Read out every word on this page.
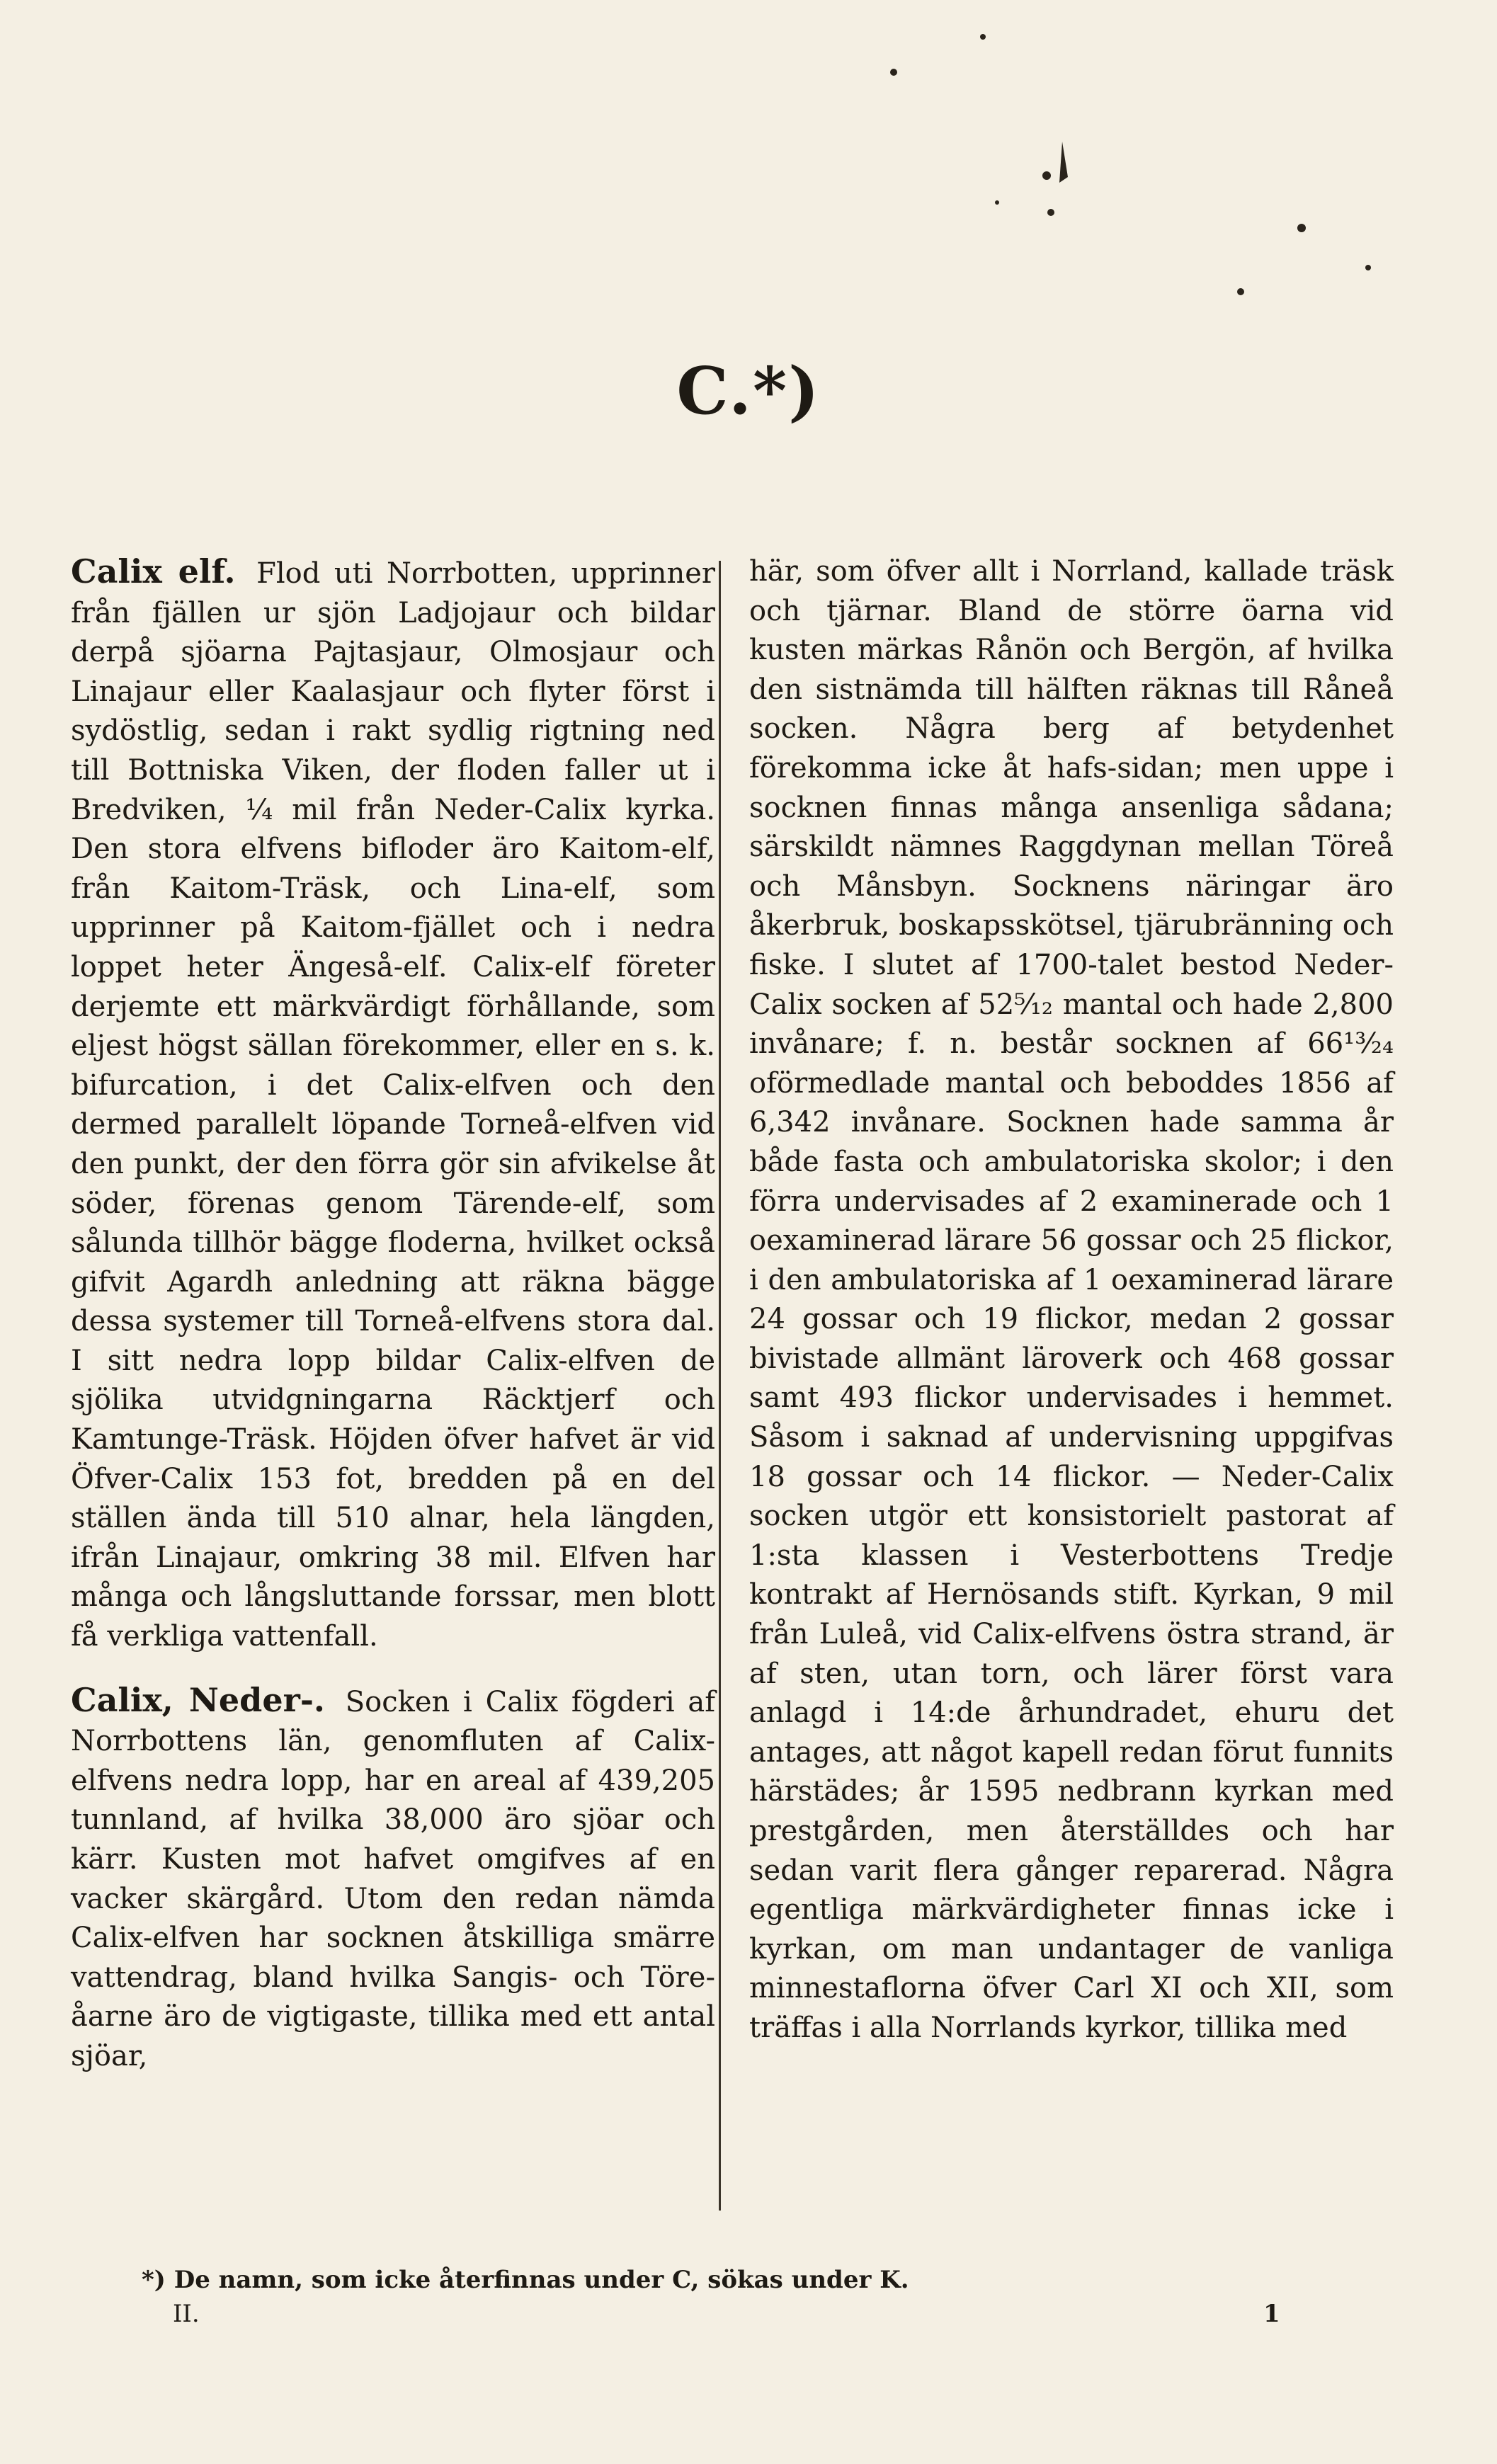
C.*)

Calix elf. Flod uti Norrbotten, upprinner från fjällen ur sjön Ladjojaur och bildar derpå sjöarna Pajtasjaur, Olmosjaur och Linajaur eller Kaalasjaur och flyter först i sydöstlig, sedan i rakt sydlig rigtning ned till Bottniska Viken, der floden faller ut i Bredviken, ¼ mil från Neder-Calix kyrka. Den stora elfvens bifloder äro Kaitom-elf, från Kaitom-Träsk, och Lina-elf, som upprinner på Kaitom-fjället och i nedra loppet heter Ängeså-elf. Calix-elf företer derjemte ett märkvärdigt förhållande, som eljest högst sällan förekommer, eller en s. k. bifurcation, i det Calix-elfven och den dermed parallelt löpande Torneå-elfven vid den punkt, der den förra gör sin afvikelse åt söder, förenas genom Tärende-elf, som sålunda tillhör bägge floderna, hvilket också gifvit Agardh anledning att räkna bägge dessa systemer till Torneå-elfvens stora dal. I sitt nedra lopp bildar Calix-elfven de sjölika utvidgningarna Räcktjerf och Kamtunge-Träsk. Höjden öfver hafvet är vid Öfver-Calix 153 fot, bredden på en del ställen ända till 510 alnar, hela längden, ifrån Linajaur, omkring 38 mil. Elfven har många och långsluttande forssar, men blott få verkliga vattenfall.

Calix, Neder-. Socken i Calix fögderi af Norrbottens län, genomfluten af Calix-elfvens nedra lopp, har en areal af 439,205 tunnland, af hvilka 38,000 äro sjöar och kärr. Kusten mot hafvet omgifves af en vacker skärgård. Utom den redan nämda Calix-elfven har socknen åtskilliga smärre vattendrag, bland hvilka Sangis- och Töre-åarne äro de vigtigaste, tillika med ett antal sjöar,

här, som öfver allt i Norrland, kallade träsk och tjärnar. Bland de större öarna vid kusten märkas Rånön och Bergön, af hvilka den sistnämda till hälften räknas till Råneå socken. Några berg af betydenhet förekomma icke åt hafs-sidan; men uppe i socknen finnas många ansenliga sådana; särskildt nämnes Raggdynan mellan Töreå och Månsbyn. Socknens näringar äro åkerbruk, boskapsskötsel, tjärubränning och fiske. I slutet af 1700-talet bestod Neder-Calix socken af 52⁵⁄₁₂ mantal och hade 2,800 invånare; f. n. består socknen af 66¹³⁄₂₄ oförmedlade mantal och beboddes 1856 af 6,342 invånare. Socknen hade samma år både fasta och ambulatoriska skolor; i den förra undervisades af 2 examinerade och 1 oexaminerad lärare 56 gossar och 25 flickor, i den ambulatoriska af 1 oexaminerad lärare 24 gossar och 19 flickor, medan 2 gossar bivistade allmänt läroverk och 468 gossar samt 493 flickor undervisades i hemmet. Såsom i saknad af undervisning uppgifvas 18 gossar och 14 flickor. — Neder-Calix socken utgör ett konsistorielt pastorat af 1:sta klassen i Vesterbottens Tredje kontrakt af Hernösands stift. Kyrkan, 9 mil från Luleå, vid Calix-elfvens östra strand, är af sten, utan torn, och lärer först vara anlagd i 14:de århundradet, ehuru det antages, att något kapell redan förut funnits härstädes; år 1595 nedbrann kyrkan med prestgården, men återställdes och har sedan varit flera gånger reparerad. Några egentliga märkvärdigheter finnas icke i kyrkan, om man undantager de vanliga minnestaflorna öfver Carl XI och XII, som träffas i alla Norrlands kyrkor, tillika med

*) De namn, som icke återfinnas under C, sökas under K.
II.	1
